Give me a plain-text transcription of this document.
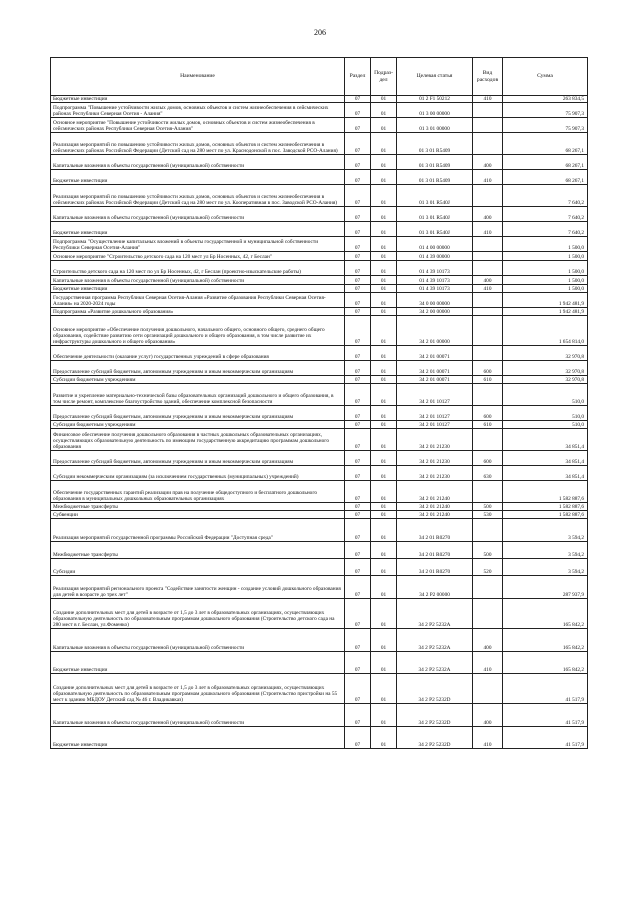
206
Наименование	Раздел	Подраз-дел	Целевая статья	Вид расходов	Сумма
Бюджетные инвестиции	07	01	01 2 F1 50212	410	263 834,5
Подпрограмма "Повышение устойчивости жилых домов, основных объектов и систем жизнеобеспечения в сейсмических районах Республики Северная Осетия - Алания"	07	01	01 3 00 00000		75 907,3
Основное мероприятие "Повышение устойчивости жилых домов, основных объектов и систем жизнеобеспечения в сейсмических районах Республики Северная Осетия-Алания"	07	01	01 3 01 00000		75 907,3
Реализация мероприятий по повышению устойчивости жилых домов, основных объектов и систем жизнеобеспечения в сейсмических районах Российской Федерации (Детский сад на 280 мест по ул. Краснодонской в пос. Заводской РСО-Алания)	07	01	01 3 01 R5409		68 267,1
Капитальные вложения в объекты государственной (муниципальной) собственности	07	01	01 3 01 R5409	400	68 267,1
Бюджетные инвестиции	07	01	01 3 01 R5409	410	68 267,1
Реализация мероприятий по повышению устойчивости жилых домов, основных объектов и систем жизнеобеспечения в сейсмических районах Российской Федерации (Детский сад на 280 мест по ул. Кооперативная в пос. Заводской РСО-Алания)	07	01	01 3 01 R540J		7 640,2
Капитальные вложения в объекты государственной (муниципальной) собственности	07	01	01 3 01 R540J	400	7 640,2
Бюджетные инвестиции	07	01	01 3 01 R540J	410	7 640,2
Подпрограмма "Осуществление капитальных вложений в объекты государственной и муниципальной собственности Республики Северная Осетия-Алания"	07	01	01 4 00 00000		1 500,0
Основное мероприятие "Строительство детского сада на 120 мест ул Бр Носенных, 42, г Беслан"	07	01	01 4 39 00000		1 500,0
Строительство детского сада на 120 мест по ул Бр Носенных, 42, г Беслан (проектно-изыскательские работы)	07	01	01 4 39 10173		1 500,0
Капитальные вложения в объекты государственной (муниципальной) собственности	07	01	01 4 39 10173	400	1 500,0
Бюджетные инвестиции	07	01	01 4 39 10173	410	1 500,0
Государственная программа Республики Северная Осетия-Алания «Развитие образования Республики Северная Осетия-Алания» на 2020-2024 годы	07	01	34 0 00 00000		1 942 481,9
Подпрограмма «Развитие дошкольного образования»	07	01	34 2 00 00000		1 942 481,9
Основное мероприятие «Обеспечение получения дошкольного, начального общего, основного общего, среднего общего образования, содействие развитию сети организаций дошкольного и общего образования, в том числе развитие их инфраструктуры дошкольного и общего образования»	07	01	34 2 01 00000		1 654 814,0
Обеспечение деятельности (оказание услуг) государственных учреждений в сфере образования	07	01	34 2 01 00071		32 970,8
Предоставление субсидий бюджетным, автономным учреждениям и иным некоммерческим организациям	07	01	34 2 01 00071	600	32 970,8
Субсидии бюджетным учреждениям	07	01	34 2 01 00071	610	32 970,8
Развитие и укрепление материально-технической базы образовательных организаций дошкольного и общего образования, в том числе ремонт, комплексное благоустройство зданий, обеспечение комплексной безопасности	07	01	34 2 01 10127		510,0
Предоставление субсидий бюджетным, автономным учреждениям и иным некоммерческим организациям	07	01	34 2 01 10127	600	510,0
Субсидии бюджетным учреждениям	07	01	34 2 01 10127	610	510,0
Финансовое обеспечение получения дошкольного образования в частных дошкольных образовательных организациях, осуществляющих образовательную деятельность по имеющим государственную аккредитацию программам дошкольного образования	07	01	34 2 01 21230		34 851,4
Предоставление субсидий бюджетным, автономным учреждениям и иным некоммерческим организациям	07	01	34 2 01 21230	600	34 851,4
Субсидии некоммерческим организациям (за исключением государственных (муниципальных) учреждений)	07	01	34 2 01 21230	630	34 851,4
Обеспечение государственных гарантий реализации прав на получение общедоступного и бесплатного дошкольного образования в муниципальных дошкольных образовательных организациях	07	01	34 2 01 21240		1 582 887,6
Межбюджетные трансферты	07	01	34 2 01 21240	500	1 582 887,6
Субвенции	07	01	34 2 01 21240	530	1 582 887,6
Реализация мероприятий государственной программы Российской Федерации "Доступная среда"	07	01	34 2 01 R0270		3 594,2
Межбюджетные трансферты	07	01	34 2 01 R0270	500	3 594,2
Субсидии	07	01	34 2 01 R0270	520	3 594,2
Реализация мероприятий регионального проекта "Содействие занятости женщин - создание условий дошкольного образования для детей в возрасте до трех лет"	07	01	34 2 P2 00000		287 937,9
Создание дополнительных мест для детей в возрасте от 1,5 до 3 лет в образовательных организациях, осуществляющих образовательную деятельность по образовательным программам дошкольного образования (Строительство детского сада на 280 мест в г. Беслан, ул.Фоменко)	07	01	34 2 P2 5232A		165 842,2
Капитальные вложения в объекты государственной (муниципальной) собственности	07	01	34 2 P2 5232A	400	165 842,2
Бюджетные инвестиции	07	01	34 2 P2 5232A	410	165 842,2
Создание дополнительных мест для детей в возрасте от 1,5 до 3 лет в образовательных организациях, осуществляющих образовательную деятельность по образовательным программам дошкольного образования (Строительство пристройки на 55 мест к зданию МБДОУ Детский сад № 46 г. Владикавказ)	07	01	34 2 P2 5232D		41 517,9
Капитальные вложения в объекты государственной (муниципальной) собственности	07	01	34 2 P2 5232D	400	41 517,9
Бюджетные инвестиции	07	01	34 2 P2 5232D	410	41 517,9
